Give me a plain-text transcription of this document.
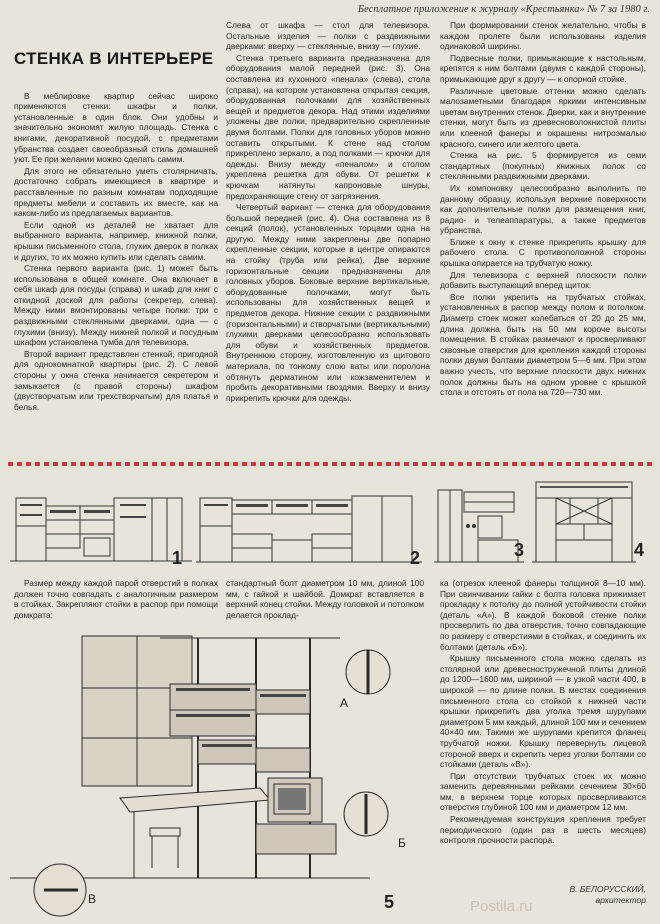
Бесплатное приложение к журналу «Крестьянка» № 7 за 1980 г.
СТЕНКА В ИНТЕРЬЕРЕ

В меблировке квартир сейчас широко применяются стенки: шкафы и полки, установленные в один блок. Они удобны и значительно экономят жилую площадь. Стенка с книгами, декоративной посудой, с предметами убранства создает своеобразный стиль домашней уют. Ее при желании можно сделать самим.

Для этого не обязательно уметь столярничать, достаточно собрать имеющиеся в квартире и расставленные по разным комнатам подходящие предметы мебели и составить их вместе, как на каком-либо из предлагаемых вариантов.

Если одной из деталей не хватает для выбранного варианта, например, книжной полки, крышки письменного стола, глухих дверок в полках и других, то их можно купить или сделать самим.

Стенка первого варианта (рис. 1) может быть использована в общей комнате. Она включает в себя шкаф для посуды (справа) и шкаф для книг с откидной доской для работы (секретер, слева). Между ними вмонтированы четыре полки: три с раздвижными стеклянными дверками, одна — с глухими (внизу). Между нижней полкой и посудным шкафом установлена тумба для телевизора.

Второй вариант представлен стенкой, пригодной для однокомнатной квартиры (рис. 2). С левой стороны у окна стенка начинается секретером и замыкается (с правой стороны) шкафом (двустворчатым или трехстворчатым) для платья и белья.

Слева от шкафа — стол для телевизора. Остальные изделия — полки с раздвижными дверками: вверху — стеклянные, внизу — глухие.

Стенка третьего варианта предназначена для оборудования малой передней (рис. 3). Она составлена из кухонного «пенала» (слева), стола (справа), на котором установлена открытая секция, оборудованная полочками для хозяйственных вещей и предметов декора. Над этими изделиями уложены две полки, предварительно скрепленные двумя болтами. Полки для головных уборов можно оставить открытыми. К стене над столом прикреплено зеркало, а под полками — крючки для одежды. Внизу между «пеналом» и столом укреплена решетка для обуви. От решетки к крючкам натянуты капроновые шнуры, предохраняющие стену от загрязнения.

Четвертый вариант — стенка для оборудования большой передней (рис. 4). Она составлена из 8 секций (полок), установленных торцами одна на другую. Между ними закреплены две попарно скрепленные секции, которые в центре опираются на стойку (труба или рейка). Две верхние горизонтальные секции предназначены для головных уборов. Боковые верхние вертикальные, оборудованные полочками, могут быть использованы для хозяйственных вещей и предметов декора. Нижние секции с раздвижными (горизонтальными) и створчатыми (вертикальными) глухими дверками целесообразно использовать для обуви и хозяйственных предметов. Внутреннюю сторону, изготовленную из щитового материала, по тонкому слою ваты или поролона обтянуть дерматином или кожзаменителем и пробить декоративными гвоздями. Вверху и внизу прикрепить крючки для одежды.

При формировании стенок желательно, чтобы в каждом пролете были использованы изделия одинаковой ширины.

Подвесные полки, примыкающие к настольным, крепятся к ним болтами (двумя с каждой стороны), примыкающие друг к другу — к опорной стойке.

Различные цветовые оттенки можно сделать малозаметными благодаря яркими интенсивным цветам внутренних стенок. Дверки, как и внутренние стенки, могут быть из древесноволокнистой плиты или клееной фанеры и окрашены нитроэмалью красного, синего или желтого цвета.

Стенка на рис. 5 формируется из семи стандартных (покупных) книжных полок со стеклянными раздвижными дверками.

Их компоновку целесообразно выполнить по данному образцу, используя верхние поверхности как дополнительные полки для размещения книг, радио- и телеаппаратуры, а также предметов убранства.

Ближе к окну к стенке прикрепить крышку для рабочего стола. С противоположной стороны крышка опирается на трубчатую ножку.

Для телевизора с верхней плоскости полки добавить выступающий вперед щиток.

Все полки укрепить на трубчатых стойках, установленных в распор между полом и потолком. Диаметр стоек может колебаться от 20 до 25 мм, длина должна быть на 50 мм короче высоты помещения. В стойках размечают и просверливают сквозные отверстия для крепления каждой стороны полки двумя болтами диаметром 5—6 мм. При этом важно учесть, что верхние плоскости двух нижних полок должны быть на одном уровне с крышкой стола и отстоять от пола на 720—730 мм.

1	2	3	4

Размер между каждой парой отверстий в полках должен точно совпадать с аналогичным размером в стойках. Закрепляют стойки в распор при помощи домкрата:

стандартный болт диаметром 10 мм, длиной 100 мм, с гайкой и шайбой. Домкрат вставляется в верхний конец стойки. Между головкой и потолком делается проклад-

ка (отрезок клееной фанеры толщиной 8—10 мм). При свинчивании гайки с болта головка прижимает прокладку к потолку до полной устойчивости стойки (деталь «А»). В каждой боковой стенке полки просверлить по два отверстия, точно совпадающие по размеру с отверстиями в стойках, и соединить их болтами (деталь «Б»).

Крышку письменного стола можно сделать из столярной или древесностружечной плиты длиной до 1200—1600 мм, шириной — в узкой части 400, в широкой — по длине полки. В местах соединения письменного стола со стойкой к нижней части крышки прикрепить два уголка тремя шурупами диаметром 5 мм каждый, длиной 100 мм и сечением 40×40 мм. Такими же шурупами крепится фланец трубчатой ножки. Крышку перевернуть лицевой стороной вверх и скрепить через уголки болтами со стойками (деталь «В»).

При отсутствии трубчатых стоек их можно заменить деревянными рейками сечением 30×60 мм, в верхнем торце которых просверливаются отверстия глубиной 100 мм и диаметром 12 мм.

Рекомендуемая конструкция крепления требует периодического (один раз в шесть месяцев) контроля прочности распора.

А
Б
В	5
В. БЕЛОРУССКИЙ,
архитектор
Postila.ru
